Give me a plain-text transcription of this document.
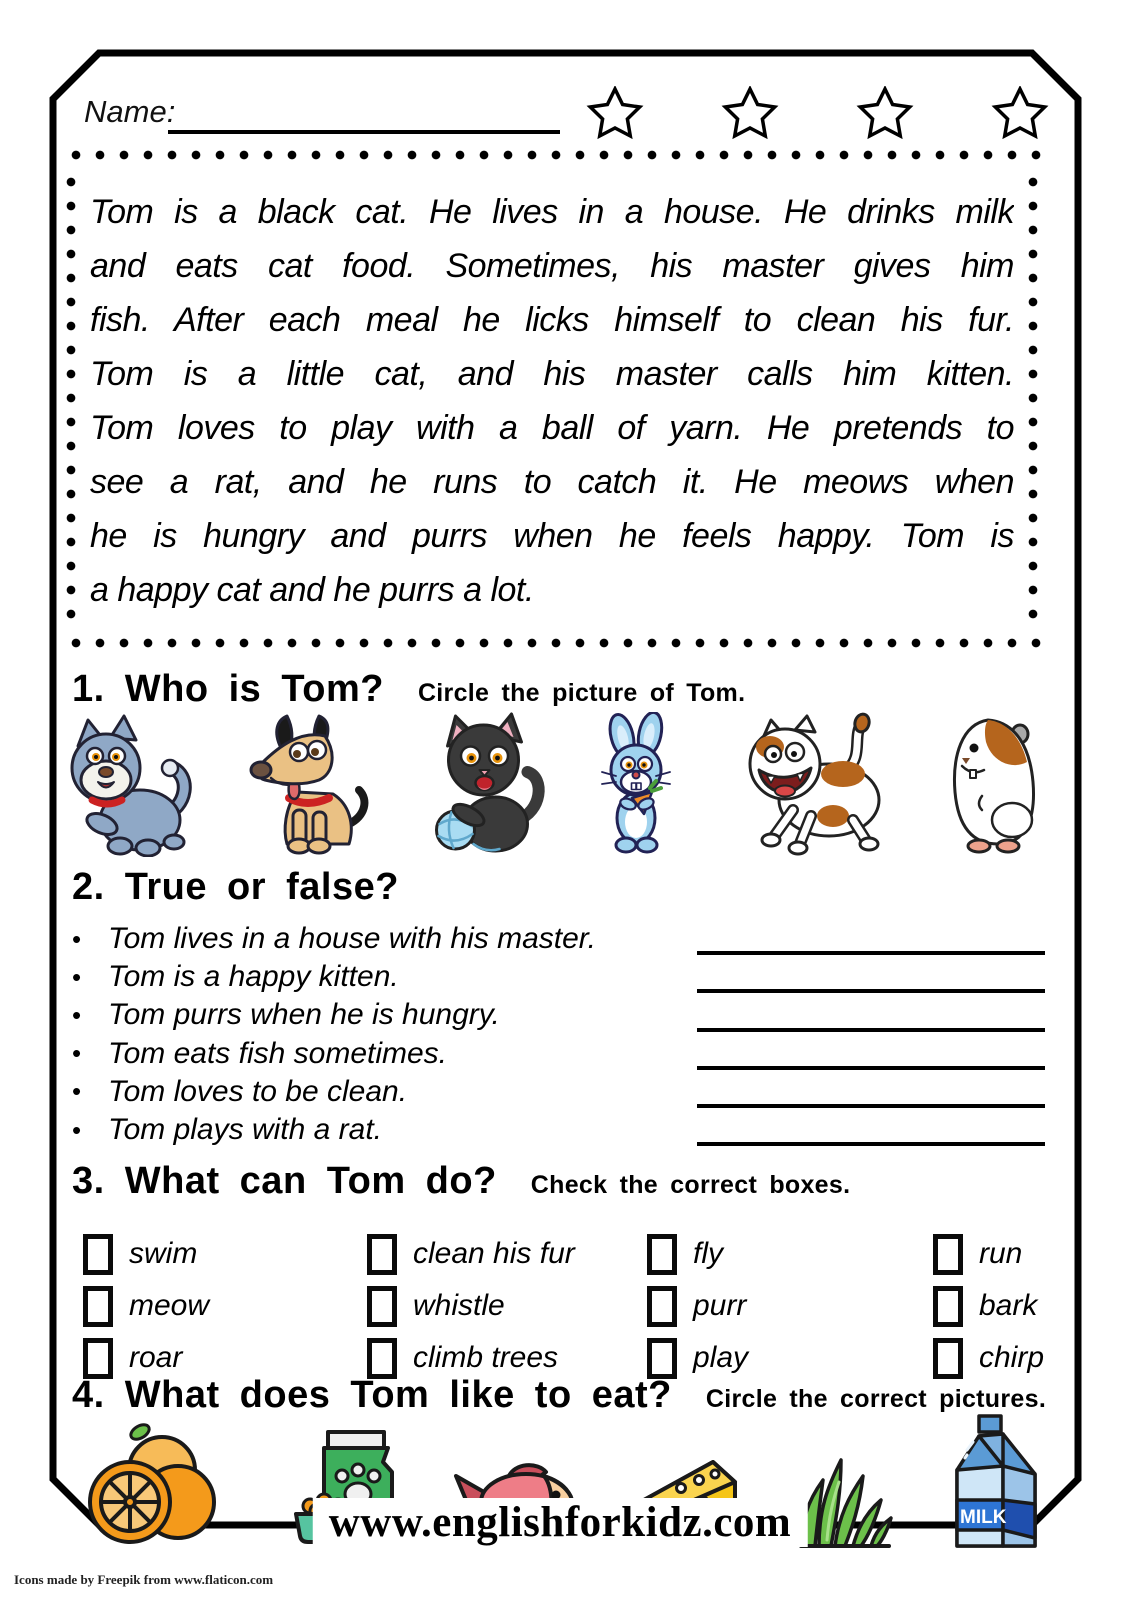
Name:
Tom is a black cat. He lives in a house. He drinks milk
and eats cat food. Sometimes, his master gives him
fish. After each meal he licks himself to clean his fur.
Tom is a little cat, and his master calls him kitten.
Tom loves to play with a ball of yarn. He pretends to
see a rat, and he runs to catch it. He meows when
he is hungry and purrs when he feels happy. Tom is
a happy cat and he purrs a lot.
1. Who is Tom? Circle the picture of Tom.
2. True or false?
• Tom lives in a house with his master.
• Tom is a happy kitten.
• Tom purrs when he is hungry.
• Tom eats fish sometimes.
• Tom loves to be clean.
• Tom plays with a rat.
3. What can Tom do? Check the correct boxes.
swim	clean his fur	fly	run
meow	whistle	purr	bark
roar	climb trees	play	chirp
4. What does Tom like to eat? Circle the correct pictures.
MILK
www.englishforkidz.com
Icons made by Freepik from www.flaticon.com
